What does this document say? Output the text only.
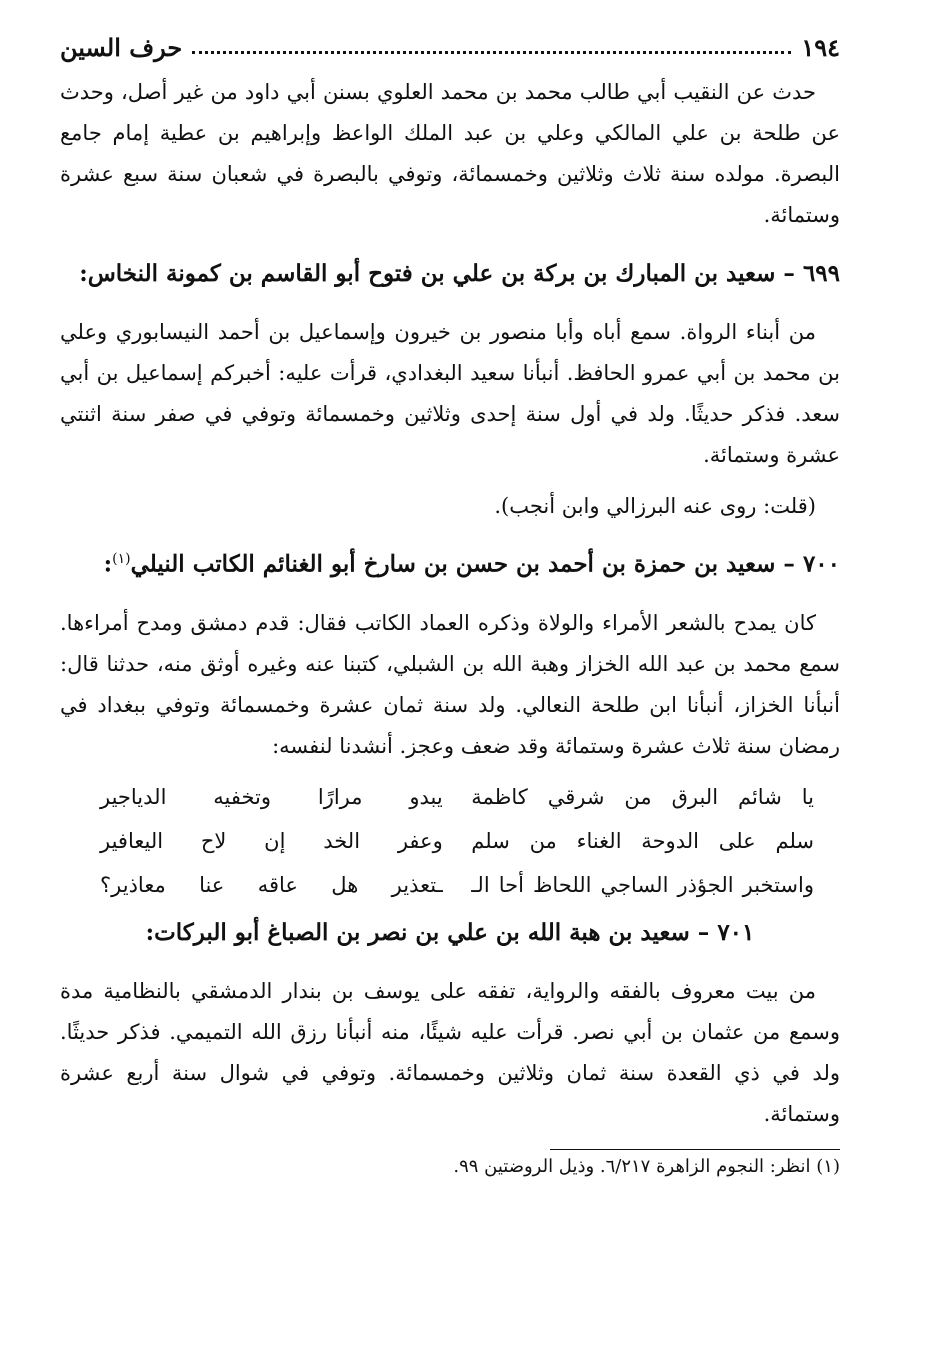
١٩٤
حرف السين

حدث عن النقيب أبي طالب محمد بن محمد العلوي بسنن أبي داود من غير أصل، وحدث عن طلحة بن علي المالكي وعلي بن عبد الملك الواعظ وإبراهيم بن عطية إمام جامع البصرة. مولده سنة ثلاث وثلاثين وخمسمائة، وتوفي بالبصرة في شعبان سنة سبع عشرة وستمائة.

٦٩٩ – سعيد بن المبارك بن بركة بن علي بن فتوح أبو القاسم بن كمونة النخاس:

من أبناء الرواة. سمع أباه وأبا منصور بن خيرون وإسماعيل بن أحمد النيسابوري وعلي بن محمد بن أبي عمرو الحافظ. أنبأنا سعيد البغدادي، قرأت عليه: أخبركم إسماعيل بن أبي سعد. فذكر حديثًا. ولد في أول سنة إحدى وثلاثين وخمسمائة وتوفي في صفر سنة اثنتي عشرة وستمائة.

(قلت: روى عنه البرزالي وابن أنجب).

٧٠٠ – سعيد بن حمزة بن أحمد بن حسن بن سارخ أبو الغنائم الكاتب النيلي$^{(١)}$:

كان يمدح بالشعر الأمراء والولاة وذكره العماد الكاتب فقال: قدم دمشق ومدح أمراءها. سمع محمد بن عبد الله الخزاز وهبة الله بن الشبلي، كتبنا عنه وغيره أوثق منه، حدثنا قال: أنبأنا الخزاز، أنبأنا ابن طلحة النعالي. ولد سنة ثمان عشرة وخمسمائة وتوفي ببغداد في رمضان سنة ثلاث عشرة وستمائة وقد ضعف وعجز. أنشدنا لنفسه:

يا شائم البرق من شرقي كاظمة
يبدو مرارًا وتخفيه الدياجير
سلم على الدوحة الغناء من سلم
وعفر الخد إن لاح اليعافير
واستخبر الجؤذر الساجي اللحاظ أحا الـ
ـتعذير هل عاقه عنا معاذير؟

٧٠١ – سعيد بن هبة الله بن علي بن نصر بن الصباغ أبو البركات:

من بيت معروف بالفقه والرواية، تفقه على يوسف بن بندار الدمشقي بالنظامية مدة وسمع من عثمان بن أبي نصر. قرأت عليه شيئًا، منه أنبأنا رزق الله التميمي. فذكر حديثًا. ولد في ذي القعدة سنة ثمان وثلاثين وخمسمائة. وتوفي في شوال سنة أربع عشرة وستمائة.

(١) انظر: النجوم الزاهرة ٦/٢١٧. وذيل الروضتين ٩٩.
